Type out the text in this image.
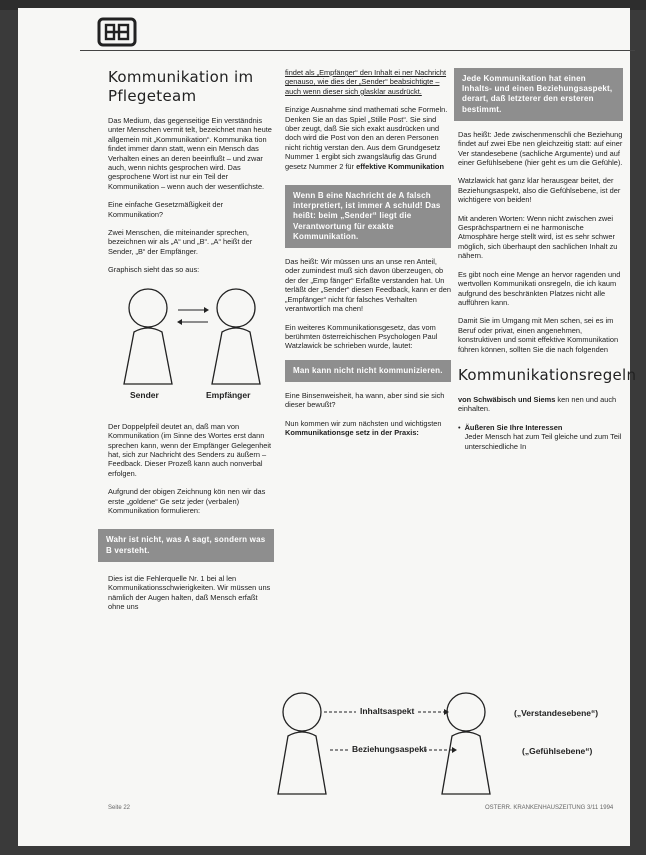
Kommunikation im
Pflegeteam

Das Medium, das gegenseitige Ein verständnis unter Menschen vermit telt, bezeichnet man heute allgemein mit „Kommunikation“. Kommunika tion findet immer dann statt, wenn ein Mensch das Verhalten eines an deren beeinflußt – und zwar auch, wenn nichts gesprochen wird. Das gesprochene Wort ist nur ein Teil der Kommunikation – wenn auch der wesentlichste.

Eine einfache Gesetzmäßigkeit der Kommunikation?

Zwei Menschen, die miteinander sprechen, bezeichnen wir als „A“ und „B“. „A“ heißt der Sender, „B“ der Empfänger.

Graphisch sieht das so aus:

Sender	Empfänger

Der Doppelpfeil deutet an, daß man von Kommunikation (im Sinne des Wortes erst dann sprechen kann, wenn der Empfänger Gelegenheit hat, sich zur Nachricht des Senders zu äußern – Feedback. Dieser Prozeß kann auch nonverbal erfolgen.

Aufgrund der obigen Zeichnung kön nen wir das erste „goldene“ Ge setz jeder (verbalen) Kommunikation formulieren:

Wahr ist nicht, was A sagt, sondern was B versteht.

Dies ist die Fehlerquelle Nr. 1 bei al len Kommunikationsschwierigkeiten. Wir müssen uns nämlich der Augen halten, daß Mensch erfaßt ohne uns

findet als „Empfänger“ den Inhalt ei ner Nachricht genauso, wie dies der „Sender“ beabsichtigte – auch wenn dieser sich glasklar ausdrückt.

Einzige Ausnahme sind mathemati sche Formeln. Denken Sie an das Spiel „Stille Post“. Sie sind über zeugt, daß Sie sich exakt ausdrücken und doch wird die Post von den an deren Personen nicht richtig verstan den. Aus dem Grundgesetz Nummer 1 ergibt sich zwangsläufig das Grund gesetz Nummer 2 für effektive Kommunikation

Wenn B eine Nachricht de A falsch interpretiert, ist immer A schuld! Das heißt: beim „Sender“ liegt die Verantwortung für exakte Kommunikation.

Das heißt: Wir müssen uns an unse ren Anteil, oder zumindest muß sich davon überzeugen, ob der der „Emp fänger“ Erfaßte verstanden hat. Un terläßt der „Sender“ diesen Feedback, kann er den „Empfänger“ nicht für falsches Verhalten verantwortlich ma chen!

Ein weiteres Kommunikationsgesetz, das vom berühmten österreichischen Psychologen Paul Watzlawick be schrieben wurde, lautet:

Man kann nicht nicht kommunizieren.

Eine Binsenweisheit, ha wann, aber sind sie sich dieser bewußt?

Nun kommen wir zum nächsten und wichtigsten Kommunikationsge setz in der Praxis:

Jede Kommunikation hat einen Inhalts- und einen Beziehungsaspekt, derart, daß letzterer den ersteren bestimmt.

Das heißt: Jede zwischenmenschli che Beziehung findet auf zwei Ebe nen gleichzeitig statt: auf einer Ver standesebene (sachliche Argumente) und auf einer Gefühlsebene (hier geht es um die Gefühle).

Watzlawick hat ganz klar herausgear beitet, der Beziehungsaspekt, also die Gefühlsebene, ist der wichtigere von beiden!

Mit anderen Worten: Wenn nicht zwischen zwei Gesprächspartnern ei ne harmonische Atmosphäre herge stellt wird, ist es sehr schwer möglich, sich überhaupt den sachlichen Inhalt zu nähern.

Es gibt noch eine Menge an hervor ragenden und wertvollen Kommunikati onsregeln, die ich kaum aufgrund des beschränkten Platzes nicht alle aufführen kann.

Damit Sie im Umgang mit Men schen, sei es im Beruf oder privat, einen angenehmen, konstruktiven und somit effektive Kommunikation führen können, sollten Sie die nach folgenden

Kommunikationsregeln

von Schwäbisch und Siems ken nen und auch einhalten.

• Äußeren Sie Ihre Interessen
Jeder Mensch hat zum Teil gleiche und zum Teil unterschiedliche In
Inhaltsaspekt
Beziehungsaspekt
(„Verstandesebene“)
(„Gefühlsebene“)
Seite 22	OSTERR. KRANKENHAUSZEITUNG 3/11 1994
